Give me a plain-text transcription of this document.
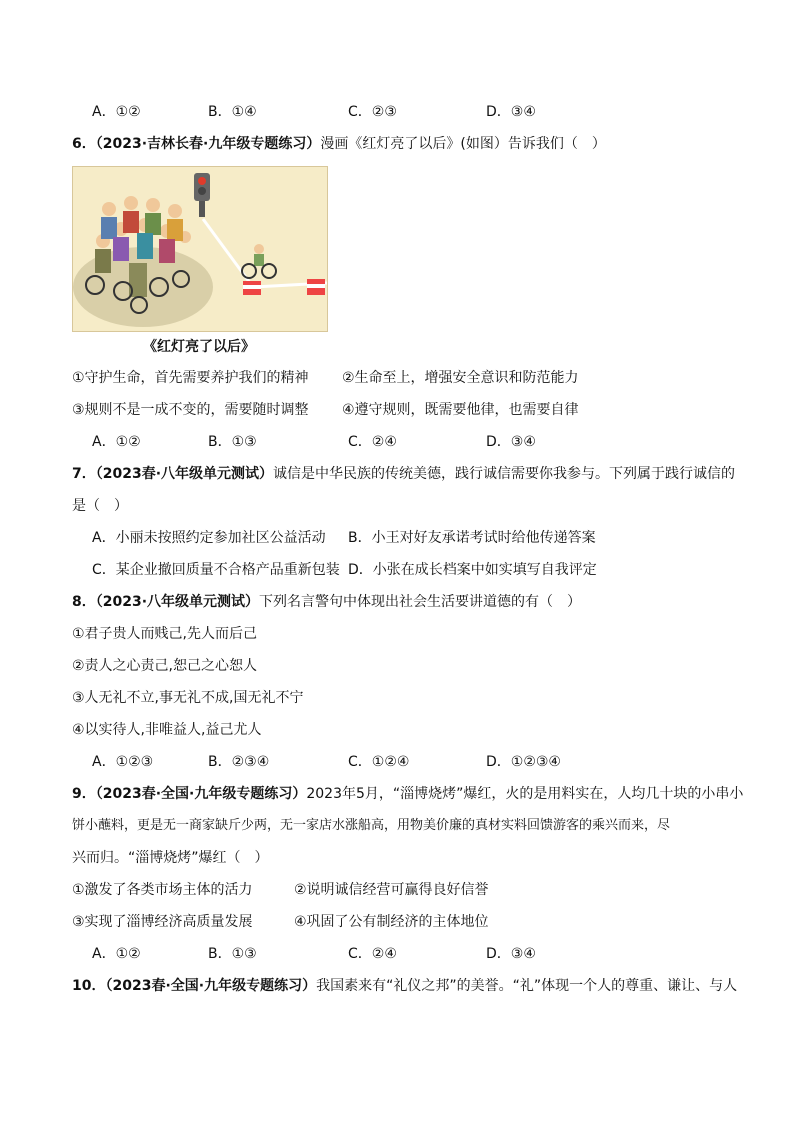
A．①②	B．①④	C．②③	D．③④
6．（2023·吉林长春·九年级专题练习）漫画《红灯亮了以后》(如图）告诉我们（　）
《红灯亮了以后》
①守护生命，首先需要养护我们的精神 ②生命至上，增强安全意识和防范能力
③规则不是一成不变的，需要随时调整 ④遵守规则，既需要他律，也需要自律
A．①②	B．①③	C．②④	D．③④
7．（2023春·八年级单元测试）诚信是中华民族的传统美德，践行诚信需要你我参与。下列属于践行诚信的
是（　）
A．小丽未按照约定参加社区公益活动 B．小王对好友承诺考试时给他传递答案
C．某企业撤回质量不合格产品重新包装 D．小张在成长档案中如实填写自我评定
8．（2023·八年级单元测试）下列名言警句中体现出社会生活要讲道德的有（　）
①君子贵人而贱己,先人而后己
②责人之心责己,恕己之心恕人
③人无礼不立,事无礼不成,国无礼不宁
④以实待人,非唯益人,益己尤人
A．①②③	B．②③④	C．①②④	D．①②③④
9．（2023春·全国·九年级专题练习）2023年5月，“淄博烧烤”爆红，火的是用料实在，人均几十块的小串小
饼小蘸料，更是无一商家缺斤少两，无一家店水涨船高，用物美价廉的真材实料回馈游客的乘兴而来，尽
兴而归。“淄博烧烤”爆红（　）
①激发了各类市场主体的活力	②说明诚信经营可赢得良好信誉
③实现了淄博经济高质量发展	④巩固了公有制经济的主体地位
A．①②	B．①③	C．②④	D．③④
10．（2023春·全国·九年级专题练习）我国素来有“礼仪之邦”的美誉。“礼”体现一个人的尊重、谦让、与人
